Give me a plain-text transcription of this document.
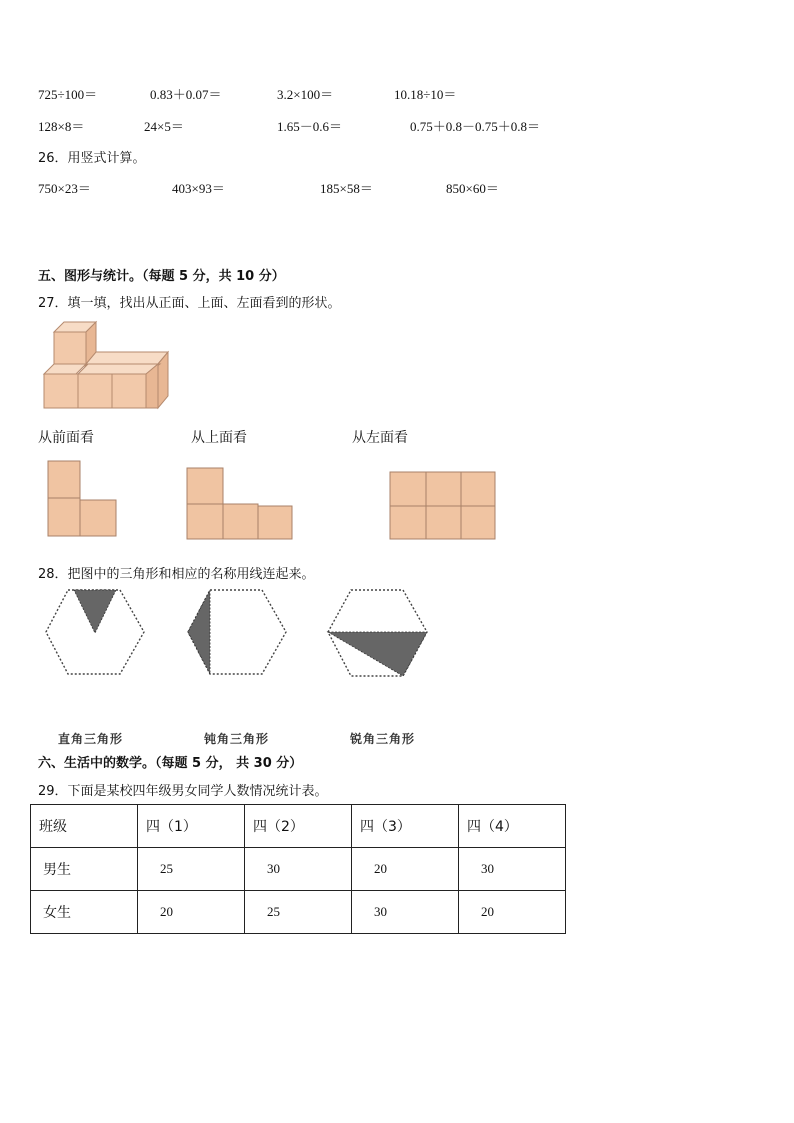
725÷100＝	0.83＋0.07＝	3.2×100＝	10.18÷10＝
128×8＝	24×5＝	1.65－0.6＝	0.75＋0.8－0.75＋0.8＝
26．用竖式计算。
750×23＝	403×93＝	185×58＝	850×60＝
五、图形与统计。（每题 5 分，共 10 分）
27．填一填，找出从正面、上面、左面看到的形状。
从前面看	从上面看	从左面看
28．把图中的三角形和相应的名称用线连起来。
直角三角形	钝角三角形	锐角三角形
六、生活中的数学。（每题 5 分， 共 30 分）
29．下面是某校四年级男女同学人数情况统计表。
班级	四（1）	四（2）	四（3）	四（4）
男生	25	30	20	30
女生	20	25	30	20
